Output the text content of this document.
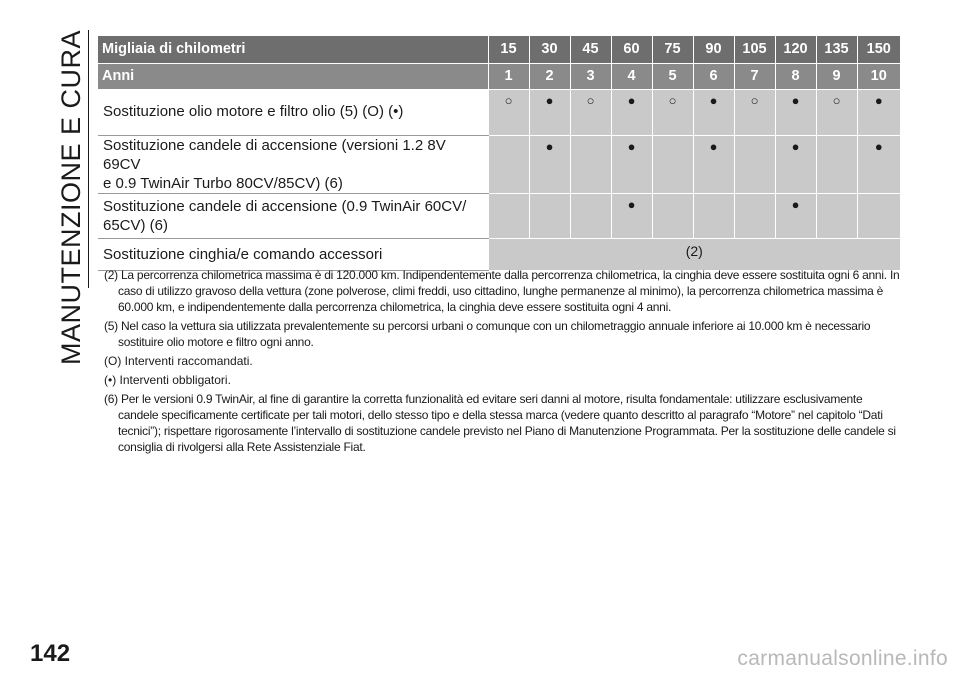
MANUTENZIONE E CURA Migliaia di chilometri	15	30	45	60	75	90	105	120	135	150
Anni	1	2	3	4	5	6	7	8	9	10
Sostituzione olio motore e filtro olio (5) (O) (•)	○	●	○	●	○	●	○	●	○	●
Sostituzione candele di accensione (versioni 1.2 8V 69CV
e 0.9 TwinAir Turbo 80CV/85CV) (6)		●		●		●		●		●
Sostituzione candele di accensione (0.9 TwinAir 60CV/
65CV) (6)				●				●		
Sostituzione cinghia/e comando accessori	(2)									

(2) La percorrenza chilometrica massima è di 120.000 km. Indipendentemente dalla percorrenza chilometrica, la cinghia deve essere sostituita ogni 6 anni. In caso di utilizzo gravoso della vettura (zone polverose, climi freddi, uso cittadino, lunghe permanenze al minimo), la percorrenza chilometrica massima è 60.000 km, e indipendentemente dalla percorrenza chilometrica, la cinghia deve essere sostituita ogni 4 anni.

(5) Nel caso la vettura sia utilizzata prevalentemente su percorsi urbani o comunque con un chilometraggio annuale inferiore ai 10.000 km è necessario sostituire olio motore e filtro ogni anno.

(O) Interventi raccomandati.

(•) Interventi obbligatori.

(6) Per le versioni 0.9 TwinAir, al fine di garantire la corretta funzionalità ed evitare seri danni al motore, risulta fondamentale: utilizzare esclusivamente candele specificamente certificate per tali motori, dello stesso tipo e della stessa marca (vedere quanto descritto al paragrafo “Motore” nel capitolo “Dati tecnici”); rispettare rigorosamente l’intervallo di sostituzione candele previsto nel Piano di Manutenzione Programmata. Per la sostituzione delle candele si consiglia di rivolgersi alla Rete Assistenziale Fiat.

142	carmanualsonline.info
